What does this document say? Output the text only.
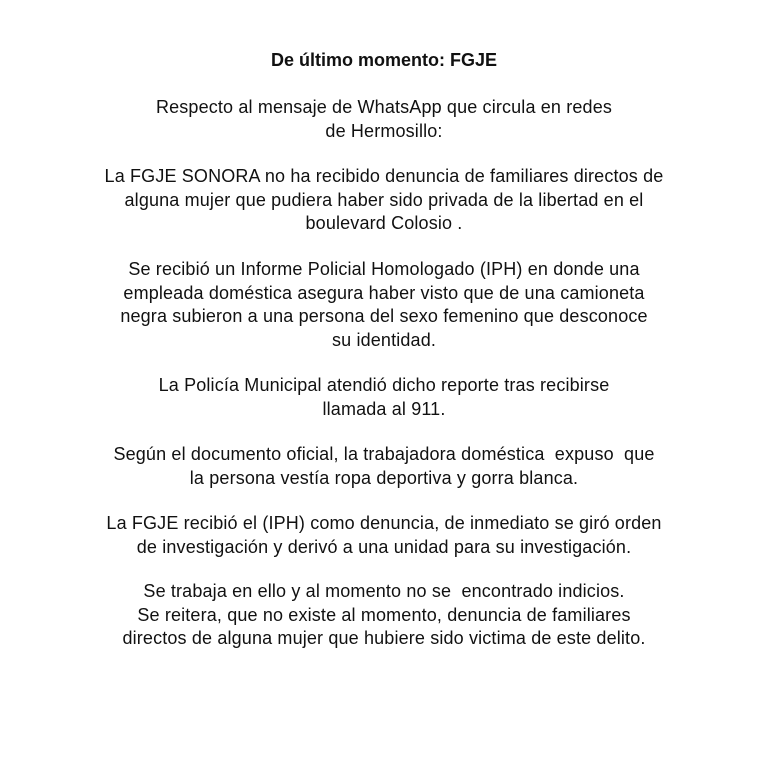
De último momento: FGJE
Respecto al mensaje de WhatsApp que circula en redes
de Hermosillo:
La FGJE SONORA no ha recibido denuncia de familiares directos de
alguna mujer que pudiera haber sido privada de la libertad en el
boulevard Colosio .
Se recibió un Informe Policial Homologado (IPH) en donde una
empleada doméstica asegura haber visto que de una camioneta
negra subieron a una persona del sexo femenino que desconoce
su identidad.
La Policía Municipal atendió dicho reporte tras recibirse
llamada al 911.
Según el documento oficial, la trabajadora doméstica  expuso  que
la persona vestía ropa deportiva y gorra blanca.
La FGJE recibió el (IPH) como denuncia, de inmediato se giró orden
de investigación y derivó a una unidad para su investigación.
Se trabaja en ello y al momento no se  encontrado indicios.
Se reitera, que no existe al momento, denuncia de familiares
directos de alguna mujer que hubiere sido victima de este delito.
